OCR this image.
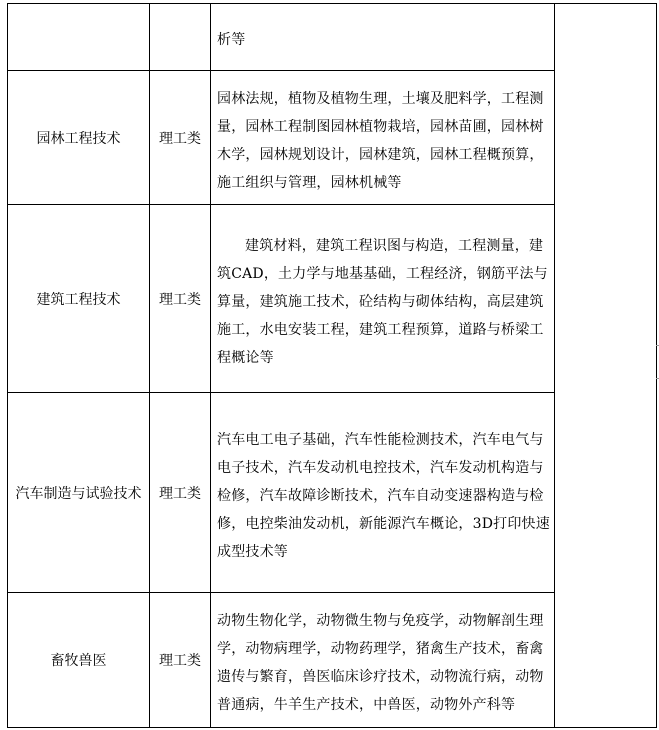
		析等	

园林工程技术	理工类	园林法规，植物及植物生理，土壤及肥料学，工程测量，园林工程制图园林植物栽培，园林苗圃，园林树木学，园林规划设计，园林建筑，园林工程概预算，施工组织与管理，园林机械等	
建筑工程技术	理工类	建筑材料，建筑工程识图与构造，工程测量，建筑CAD，土力学与地基基础，工程经济，钢筋平法与算量，建筑施工技术，砼结构与砌体结构，高层建筑施工，水电安装工程，建筑工程预算，道路与桥梁工程概论等	

汽车制造与试验技术	理工类	汽车电工电子基础，汽车性能检测技术，汽车电气与电子技术，汽车发动机电控技术，汽车发动机构造与检修，汽车故障诊断技术，汽车自动变速器构造与检修，电控柴油发动机，新能源汽车概论，3D打印快速成型技术等	
畜牧兽医	理工类	动物生物化学，动物微生物与免疫学，动物解剖生理学，动物病理学，动物药理学，猪禽生产技术，畜禽遗传与繁育，兽医临床诊疗技术，动物流行病，动物普通病，牛羊生产技术，中兽医，动物外产科等	
